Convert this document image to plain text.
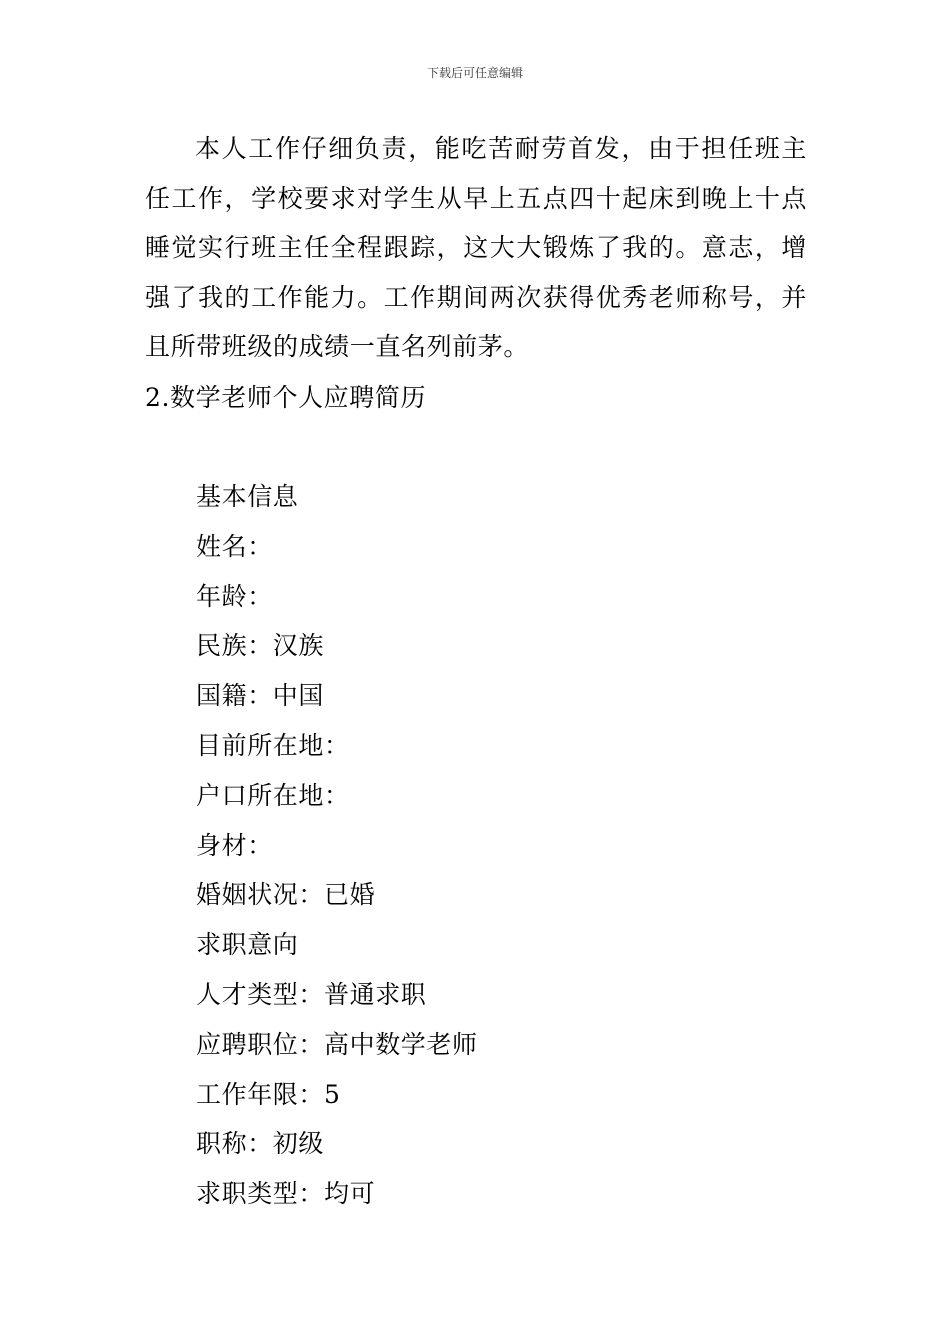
下载后可任意编辑

本人工作仔细负责，能吃苦耐劳首发，由于担任班主任工作，学校要求对学生从早上五点四十起床到晚上十点睡觉实行班主任全程跟踪，这大大锻炼了我的。意志，增强了我的工作能力。工作期间两次获得优秀老师称号，并且所带班级的成绩一直名列前茅。

2.数学老师个人应聘简历

基本信息
姓名：
年龄：
民族：汉族
国籍：中国
目前所在地：
户口所在地：
身材：
婚姻状况：已婚
求职意向
人才类型：普通求职
应聘职位：高中数学老师
工作年限：5
职称：初级
求职类型：均可
